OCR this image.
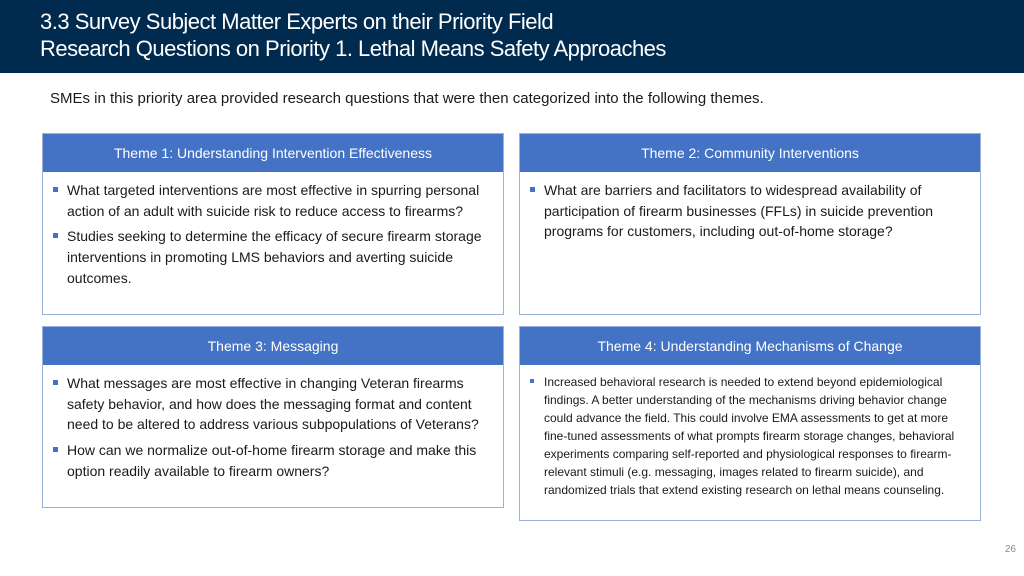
3.3 Survey Subject Matter Experts on their Priority Field
Research Questions on Priority 1. Lethal Means Safety Approaches
SMEs in this priority area provided research questions that were then categorized into the following themes.
Theme 1: Understanding Intervention Effectiveness
What targeted interventions are most effective in spurring personal action of an adult with suicide risk to reduce access to firearms?
Studies seeking to determine the efficacy of secure firearm storage interventions in promoting LMS behaviors and averting suicide outcomes.
Theme 2: Community Interventions
What are barriers and facilitators to widespread availability of participation of firearm businesses (FFLs) in suicide prevention programs for customers, including out-of-home storage?
Theme 3: Messaging
What messages are most effective in changing Veteran firearms safety behavior, and how does the messaging format and content need to be altered to address various subpopulations of Veterans?
How can we normalize out-of-home firearm storage and make this option readily available to firearm owners?
Theme 4: Understanding Mechanisms of Change
Increased behavioral research is needed to extend beyond epidemiological findings. A better understanding of the mechanisms driving behavior change could advance the field. This could involve EMA assessments to get at more fine-tuned assessments of what prompts firearm storage changes, behavioral experiments comparing self-reported and physiological responses to firearm-relevant stimuli (e.g. messaging, images related to firearm suicide), and randomized trials that extend existing research on lethal means counseling.
26
